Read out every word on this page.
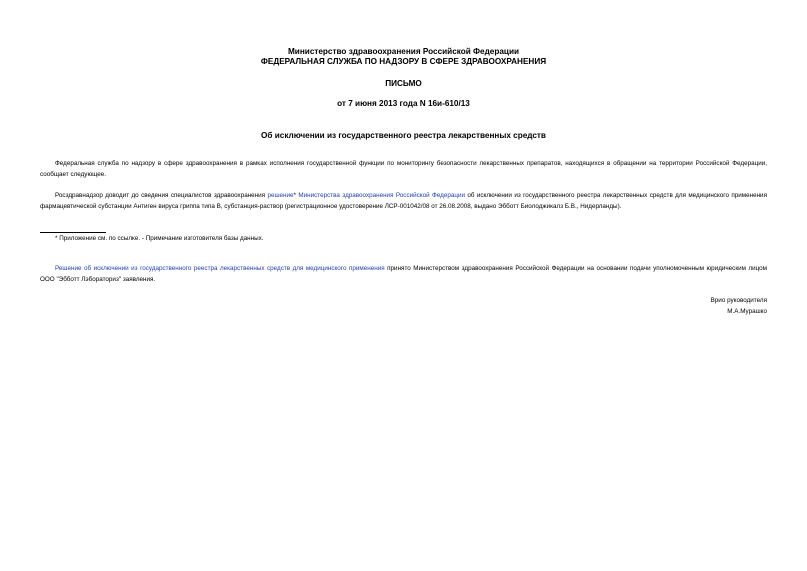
Министерство здравоохранения Российской Федерации
ФЕДЕРАЛЬНАЯ СЛУЖБА ПО НАДЗОРУ В СФЕРЕ ЗДРАВООХРАНЕНИЯ
ПИСЬМО
от 7 июня 2013 года N 16и-610/13
Об исключении из государственного реестра лекарственных средств
Федеральная служба по надзору в сфере здравоохранения в рамках исполнения государственной функции по мониторингу безопасности лекарственных препаратов, находящихся в обращении на территории Российской Федерации, сообщает следующее.
Росздравнадзор доводит до сведения специалистов здравоохранения решение* Министерства здравоохранения Российской Федерации об исключении из государственного реестра лекарственных средств для медицинского применения фармацевтической субстанции Антиген вируса гриппа типа B, субстанция-раствор (регистрационное удостоверение ЛСР-001042/08 от 26.08.2008, выдано Эбботт Биолоджикалз Б.В., Нидерланды).
* Приложение см. по ссылке. - Примечание изготовителя базы данных.
Решение об исключении из государственного реестра лекарственных средств для медицинского применения принято Министерством здравоохранения Российской Федерации на основании подачи уполномоченным юридическим лицом ООО "Эбботт Лэбораториз" заявления.
Врио руководителя
М.А.Мурашко
